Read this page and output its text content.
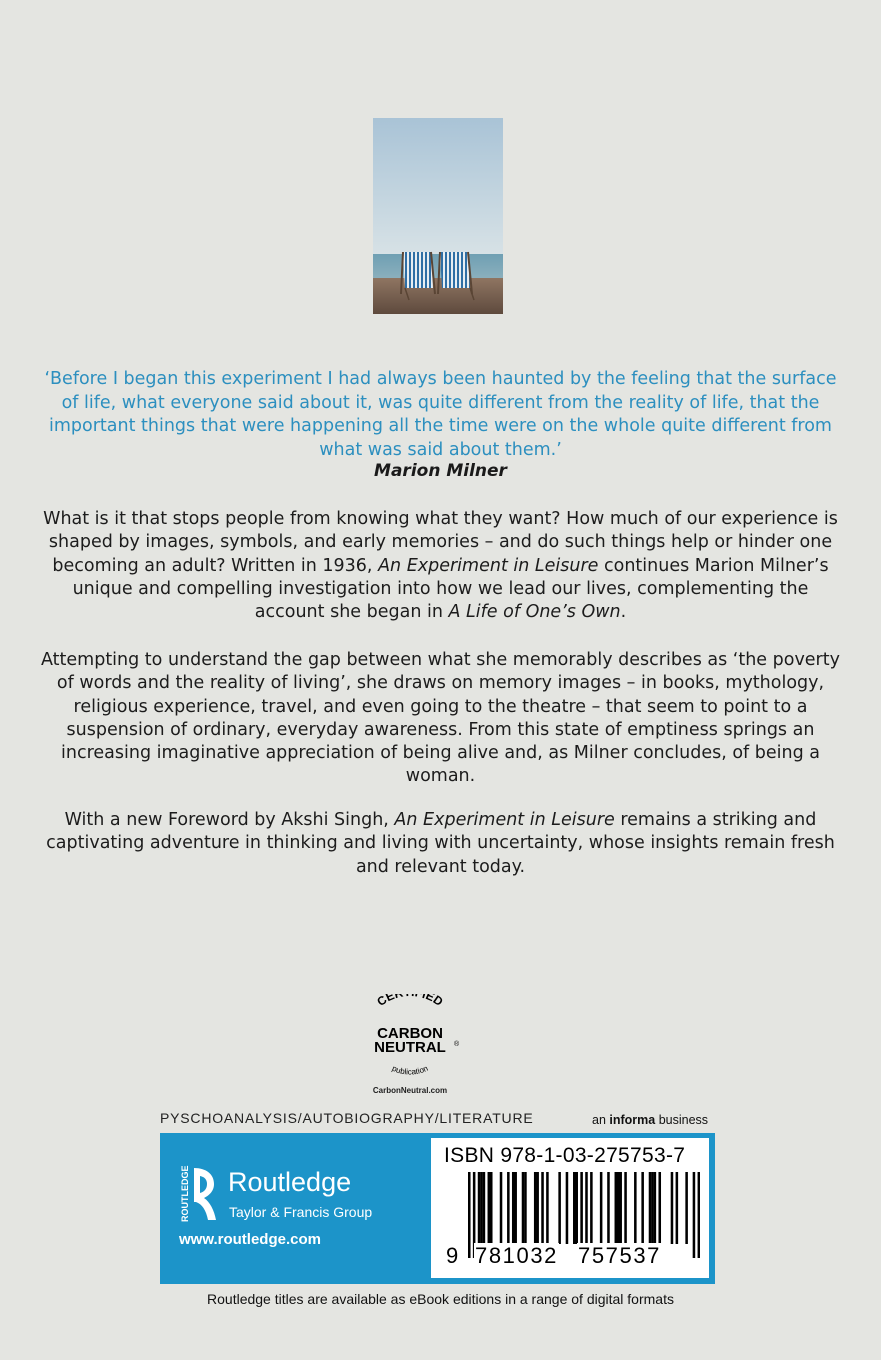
‘Before I began this experiment I had always been haunted by the feeling that the surface of life, what everyone said about it, was quite different from the reality of life, that the important things that were happening all the time were on the whole quite different from what was said about them.’
Marion Milner
What is it that stops people from knowing what they want? How much of our experience is shaped by images, symbols, and early memories – and do such things help or hinder one becoming an adult? Written in 1936, An Experiment in Leisure continues Marion Milner’s unique and compelling investigation into how we lead our lives, complementing the account she began in A Life of One’s Own.
Attempting to understand the gap between what she memorably describes as ‘the poverty of words and the reality of living’, she draws on memory images – in books, mythology, religious experience, travel, and even going to the theatre – that seem to point to a suspension of ordinary, everyday awareness. From this state of emptiness springs an increasing imaginative appreciation of being alive and, as Milner concludes, of being a woman.
With a new Foreword by Akshi Singh, An Experiment in Leisure remains a striking and captivating adventure in thinking and living with uncertainty, whose insights remain fresh and relevant today.
CE IED
CARBON
NEUTRAL ®
publication
CarbonNeutral.com
PYSCHOANALYSIS/AUTOBIOGRAPHY/LITERATURE	an informa business
ROUTLEDGE Routledge
Taylor & Francis Group
www.routledge.com
ISBN 978-1-03-275753-7
9 781032 757537
Routledge titles are available as eBook editions in a range of digital formats
